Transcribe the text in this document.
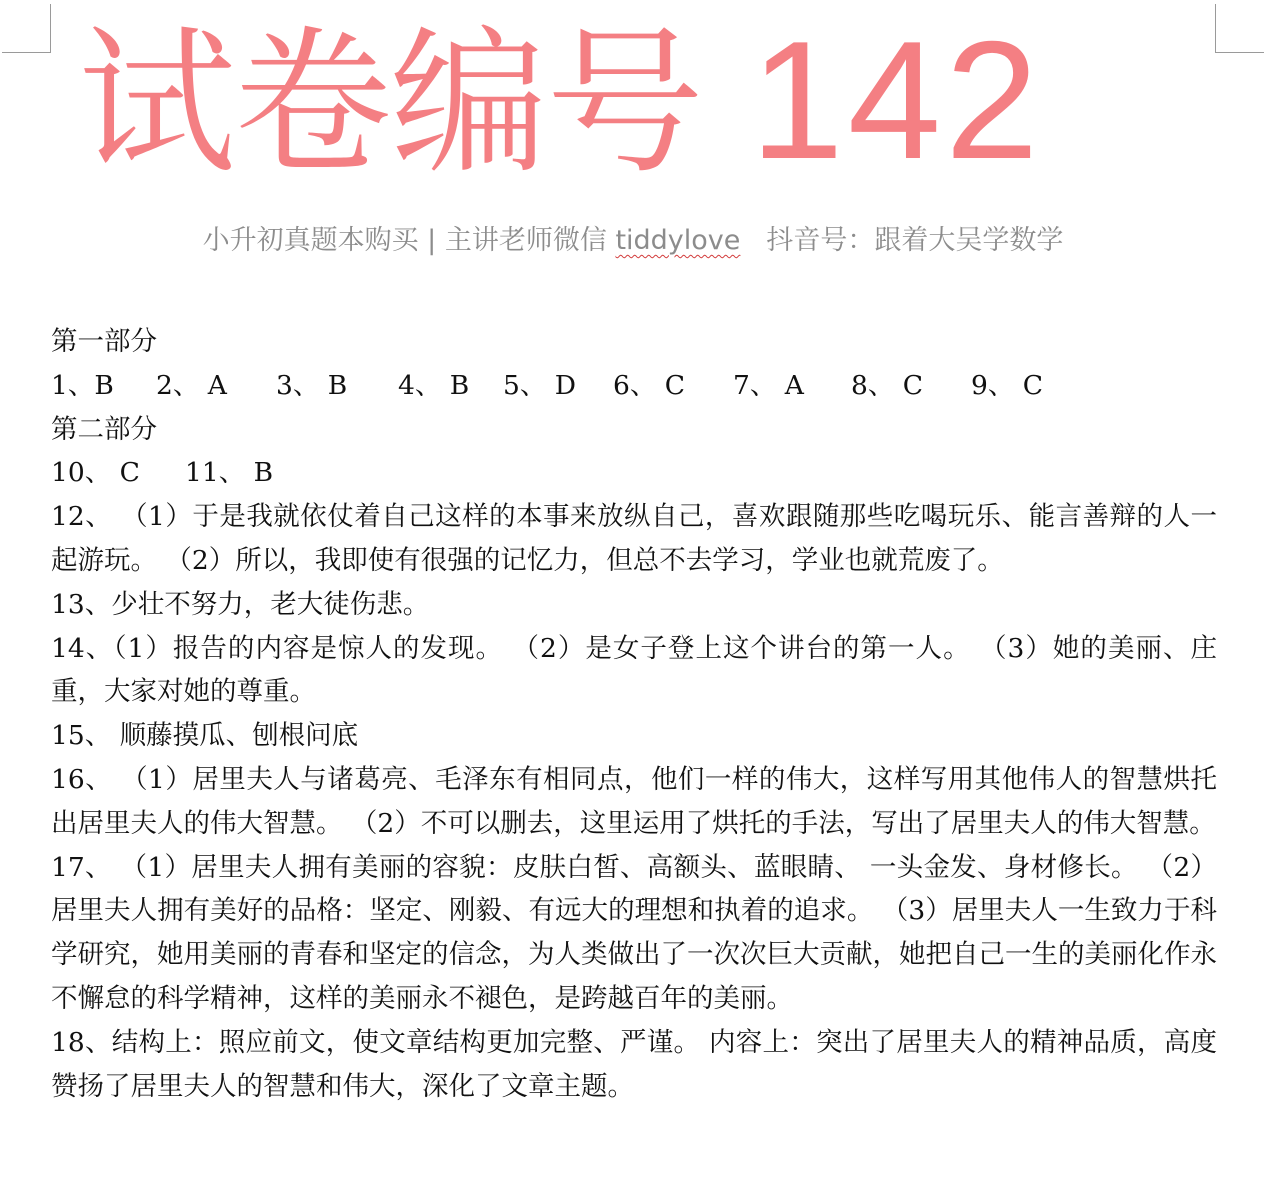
试卷编号 142
小升初真题本购买 | 主讲老师微信 tiddylove 抖音号：跟着大吴学数学

第一部分

1、B 2、 A 3、 B 4、 B 5、 D 6、 C 7、 A 8、 C 9、 C

第二部分

10、 C 11、 B

12、 （1）于是我就依仗着自己这样的本事来放纵自己，喜欢跟随那些吃喝玩乐、能言善辩的人一起游玩。 （2）所以，我即使有很强的记忆力，但总不去学习，学业也就荒废了。

13、少壮不努力，老大徒伤悲。

14、（1）报告的内容是惊人的发现。 （2）是女子登上这个讲台的第一人。 （3）她的美丽、庄重，大家对她的尊重。

15、 顺藤摸瓜、刨根问底

16、 （1）居里夫人与诸葛亮、毛泽东有相同点，他们一样的伟大，这样写用其他伟人的智慧烘托出居里夫人的伟大智慧。 （2）不可以删去，这里运用了烘托的手法，写出了居里夫人的伟大智慧。

17、 （1）居里夫人拥有美丽的容貌：皮肤白皙、高额头、蓝眼睛、 一头金发、身材修长。 （2）居里夫人拥有美好的品格：坚定、刚毅、有远大的理想和执着的追求。 （3）居里夫人一生致力于科学研究，她用美丽的青春和坚定的信念，为人类做出了一次次巨大贡献，她把自己一生的美丽化作永不懈怠的科学精神，这样的美丽永不褪色，是跨越百年的美丽。

18、结构上：照应前文，使文章结构更加完整、严谨。 内容上：突出了居里夫人的精神品质，高度赞扬了居里夫人的智慧和伟大，深化了文章主题。
